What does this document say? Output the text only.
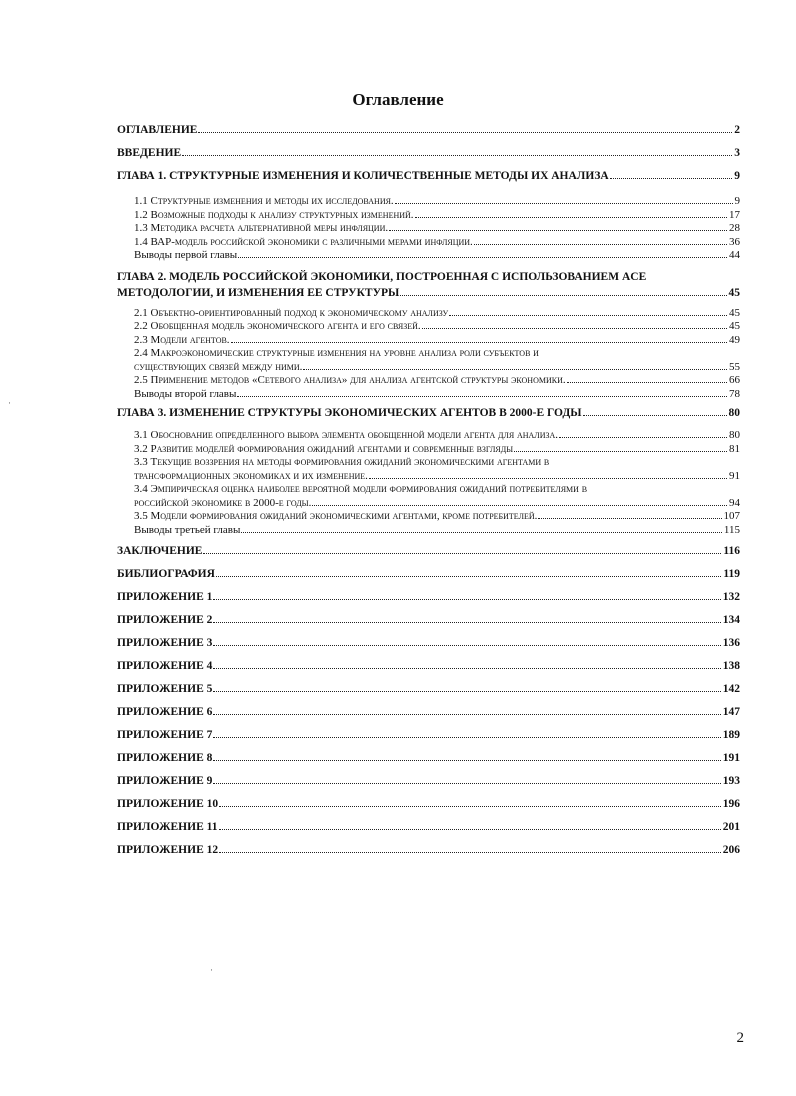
Оглавление
ОГЛАВЛЕНИЕ	2
ВВЕДЕНИЕ	3
ГЛАВА 1. СТРУКТУРНЫЕ ИЗМЕНЕНИЯ И КОЛИЧЕСТВЕННЫЕ МЕТОДЫ ИХ АНАЛИЗА	9
1.1 Структурные изменения и методы их исследования.	9
1.2 Возможные подходы к анализу структурных изменений.	17
1.3 Методика расчета альтернативной меры инфляции.	28
1.4 ВАР-модель российской экономики с различными мерами инфляции.	36
Выводы первой главы	44
ГЛАВА 2. МОДЕЛЬ РОССИЙСКОЙ ЭКОНОМИКИ, ПОСТРОЕННАЯ С ИСПОЛЬЗОВАНИЕМ ACE
МЕТОДОЛОГИИ, И ИЗМЕНЕНИЯ ЕЕ СТРУКТУРЫ	45
2.1 Объектно-ориентированный подход к экономическому анализу	45
2.2 Обобщенная модель экономического агента и его связей.	45
2.3 Модели агентов.	49
2.4 Макроэкономические структурные изменения на уровне анализа роли субъектов и
существующих связей между ними.	55
2.5 Применение методов «Сетевого анализа» для анализа агентской структуры экономики.	66
Выводы второй главы	78
ГЛАВА 3. ИЗМЕНЕНИЕ СТРУКТУРЫ ЭКОНОМИЧЕСКИХ АГЕНТОВ В 2000-Е ГОДЫ	80
3.1 Обоснование определенного выбора элемента обобщенной модели агента для анализа.	80
3.2 Развитие моделей формирования ожиданий агентами и современные взгляды	81
3.3 Текущие воззрения на методы формирования ожиданий экономическими агентами в
трансформационных экономиках и их изменение.	91
3.4 Эмпирическая оценка наиболее вероятной модели формирования ожиданий потребителями в
российской экономике в 2000-е годы.	94
3.5 Модели формирования ожиданий экономическими агентами, кроме потребителей.	107
Выводы третьей главы	115
ЗАКЛЮЧЕНИЕ	116
БИБЛИОГРАФИЯ	119
ПРИЛОЖЕНИЕ 1	132
ПРИЛОЖЕНИЕ 2	134
ПРИЛОЖЕНИЕ 3	136
ПРИЛОЖЕНИЕ 4	138
ПРИЛОЖЕНИЕ 5	142
ПРИЛОЖЕНИЕ 6	147
ПРИЛОЖЕНИЕ 7	189
ПРИЛОЖЕНИЕ 8	191
ПРИЛОЖЕНИЕ 9	193
ПРИЛОЖЕНИЕ 10	196
ПРИЛОЖЕНИЕ 11	201
ПРИЛОЖЕНИЕ 12	206
·
·
2
